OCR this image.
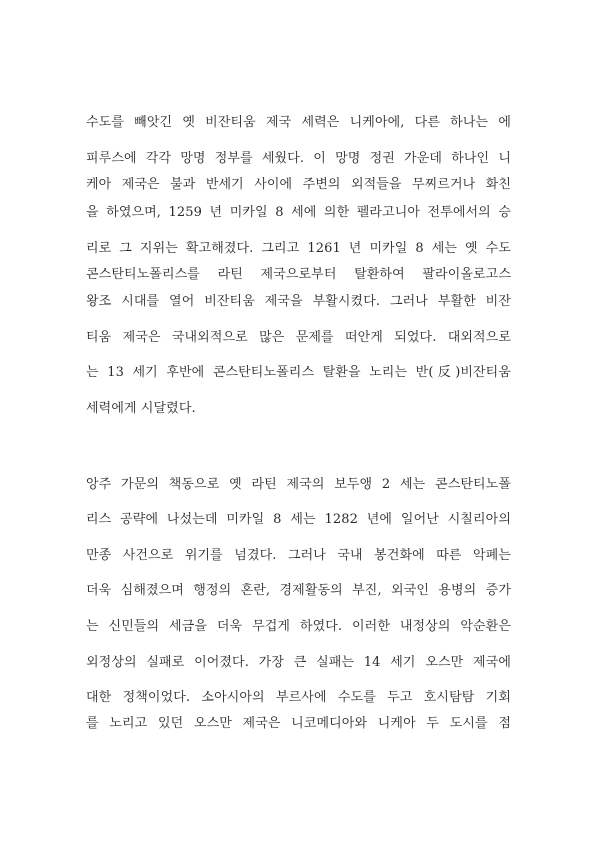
수도를 빼앗긴 옛 비잔티움 제국 세력은 니케아에, 다른 하나는 에
피루스에 각각 망명 정부를 세웠다. 이 망명 정권 가운데 하나인 니
케아 제국은 불과 반세기 사이에 주변의 외적들을 무찌르거나 화친
을 하였으며, 1259 년 미카일 8 세에 의한 펠라고니아 전투에서의 승
리로 그 지위는 확고해졌다. 그리고 1261 년 미카일 8 세는 옛 수도
콘스탄티노폴리스를 라틴 제국으로부터 탈환하여 팔라이올로고스
왕조 시대를 열어 비잔티움 제국을 부활시켰다. 그러나 부활한 비잔
티움 제국은 국내외적으로 많은 문제를 떠안게 되었다. 대외적으로
는 13 세기 후반에 콘스탄티노폴리스 탈환을 노리는 반(反)비잔티움
세력에게 시달렸다.
앙주 가문의 책동으로 옛 라틴 제국의 보두앵 2 세는 콘스탄티노폴
리스 공략에 나섰는데 미카일 8 세는 1282 년에 일어난 시칠리아의
만종 사건으로 위기를 넘겼다. 그러나 국내 봉건화에 따른 악폐는
더욱 심해졌으며 행정의 혼란, 경제활동의 부진, 외국인 용병의 증가
는 신민들의 세금을 더욱 무겁게 하였다. 이러한 내정상의 악순환은
외정상의 실패로 이어졌다. 가장 큰 실패는 14 세기 오스만 제국에
대한 정책이었다. 소아시아의 부르사에 수도를 두고 호시탐탐 기회
를 노리고 있던 오스만 제국은 니코메디아와 니케아 두 도시를 점
